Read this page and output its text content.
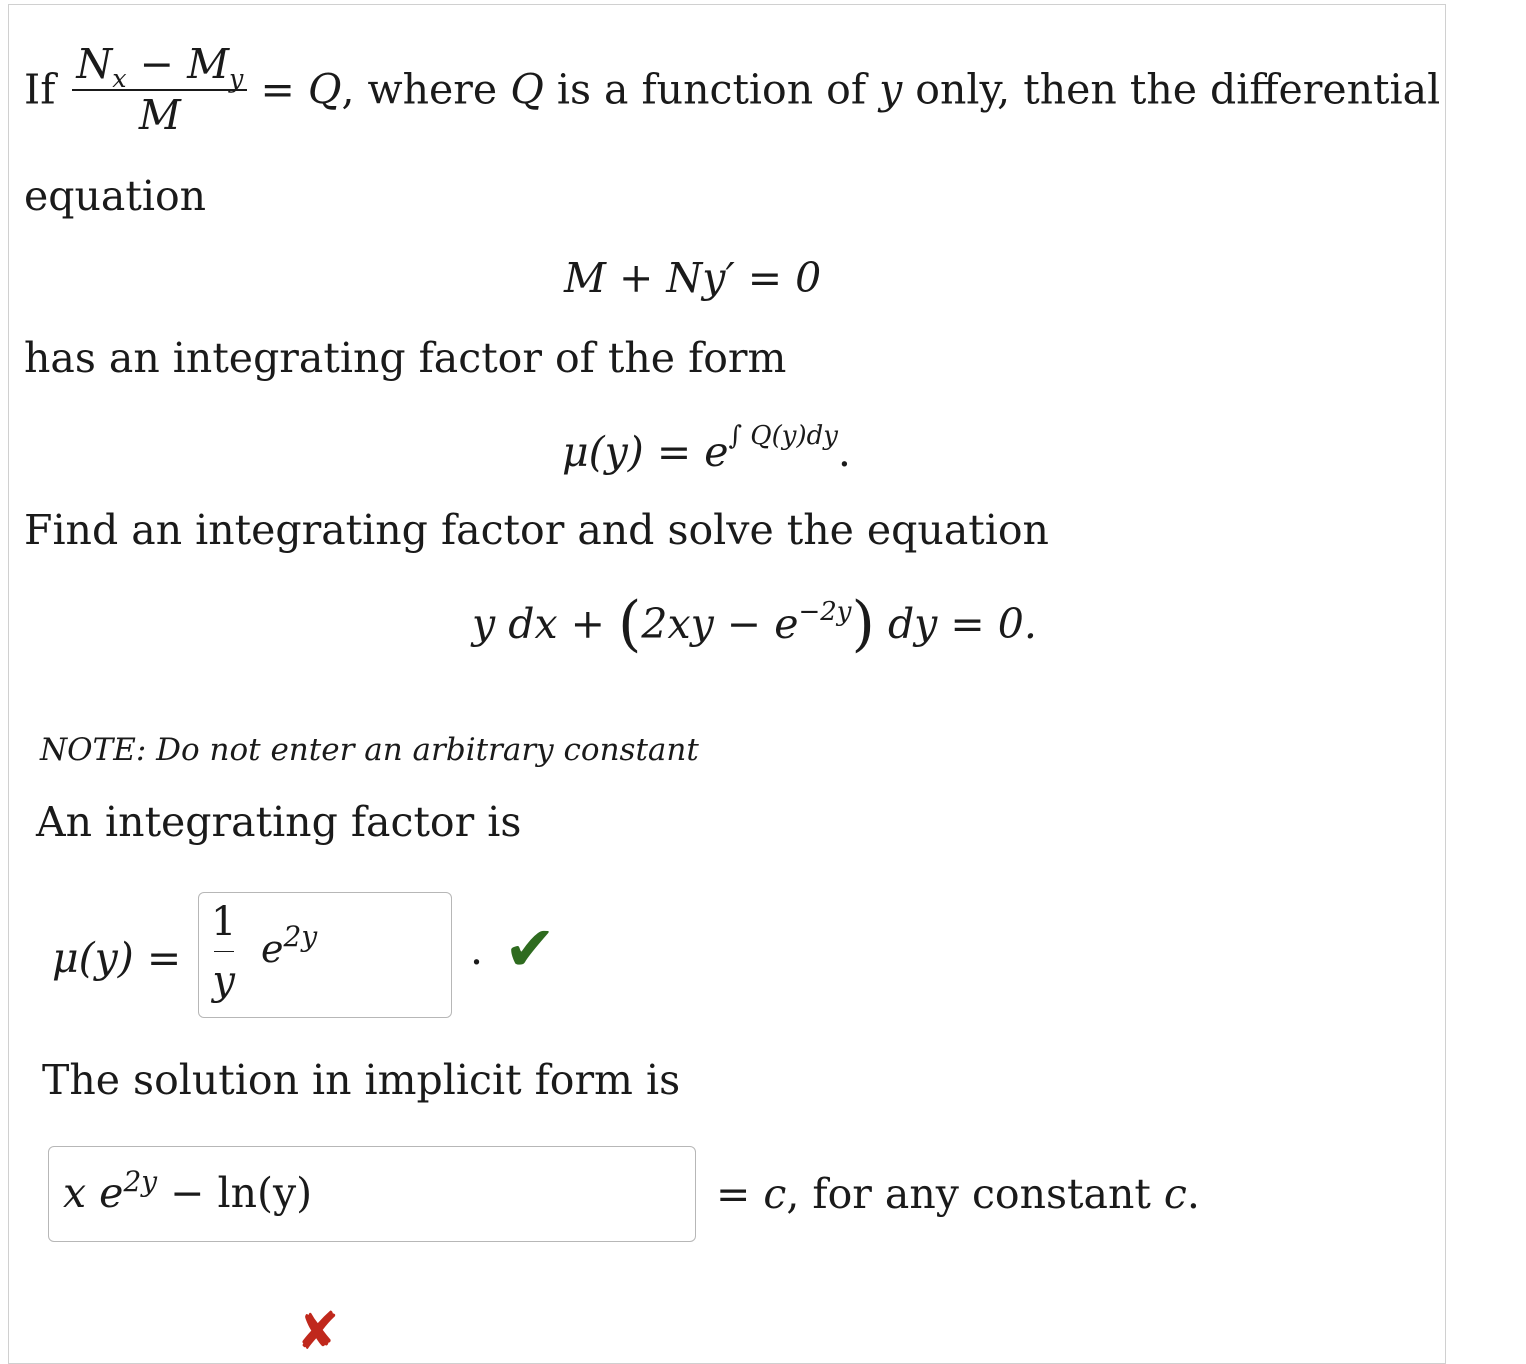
If $\frac{N_x - M_y}{M} = Q$, where Q is a function of y only, then the differential
equation
M + Ny′ = 0
has an integrating factor of the form
$\mu(y) = e^{\int Q(y)dy}$.
Find an integrating factor and solve the equation
y dx + $(2xy - e^{-2y})$ dy = 0.
NOTE: Do not enter an arbitrary constant
An integrating factor is
μ(y) =
1
y
$e^{2y}$	. ✔
The solution in implicit form is
x $e^{2y} - \ln(y)$	= c, for any constant c.
✘
